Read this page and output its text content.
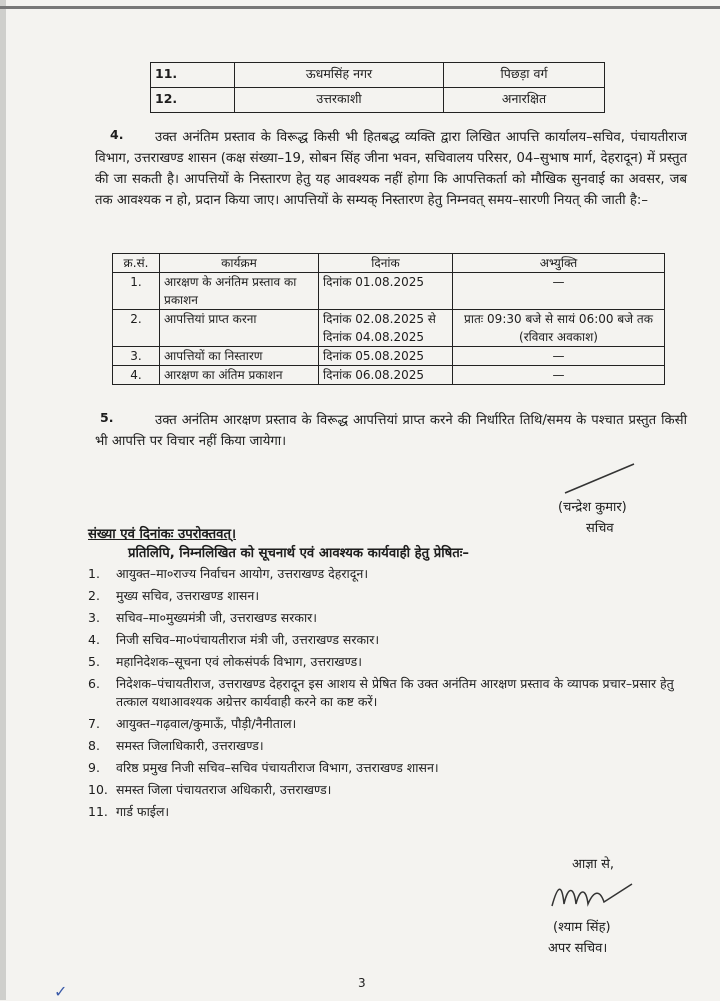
11.	ऊधमसिंह नगर	पिछड़ा वर्ग
12.	उत्तरकाशी	अनारक्षित
4.	उक्त अनंतिम प्रस्ताव के विरूद्ध किसी भी हितबद्ध व्यक्ति द्वारा लिखित आपत्ति कार्यालय–सचिव, पंचायतीराज विभाग, उत्तराखण्ड शासन (कक्ष संख्या–19, सोबन सिंह जीना भवन, सचिवालय परिसर, 04–सुभाष मार्ग, देहरादून) में प्रस्तुत की जा सकती है। आपत्तियों के निस्तारण हेतु यह आवश्यक नहीं होगा कि आपत्तिकर्ता को मौखिक सुनवाई का अवसर, जब तक आवश्यक न हो, प्रदान किया जाए। आपत्तियों के सम्यक् निस्तारण हेतु निम्नवत् समय–सारणी नियत् की जाती है:–
क्र.सं.	कार्यक्रम	दिनांक	अभ्युक्ति
1.	आरक्षण के अनंतिम प्रस्ताव का प्रकाशन	दिनांक 01.08.2025	—
2.	आपत्तियां प्राप्त करना	दिनांक 02.08.2025 से दिनांक 04.08.2025	प्रातः 09:30 बजे से सायं 06:00 बजे तक (रविवार अवकाश)
3.	आपत्तियों का निस्तारण	दिनांक 05.08.2025	—
4.	आरक्षण का अंतिम प्रकाशन	दिनांक 06.08.2025	—
5.	उक्त अनंतिम आरक्षण प्रस्ताव के विरूद्ध आपत्तियां प्राप्त करने की निर्धारित तिथि/समय के पश्चात प्रस्तुत किसी भी आपत्ति पर विचार नहीं किया जायेगा।
(चन्द्रेश कुमार)
सचिव
संख्या एवं दिनांकः उपरोक्तवत्।
प्रतिलिपि, निम्नलिखित को सूचनार्थ एवं आवश्यक कार्यवाही हेतु प्रेषितः–
1.	आयुक्त–मा०राज्य निर्वाचन आयोग, उत्तराखण्ड देहरादून।
2.	मुख्य सचिव, उत्तराखण्ड शासन।
3.	सचिव–मा०मुख्यमंत्री जी, उत्तराखण्ड सरकार।
4.	निजी सचिव–मा०पंचायतीराज मंत्री जी, उत्तराखण्ड सरकार।
5.	महानिदेशक–सूचना एवं लोकसंपर्क विभाग, उत्तराखण्ड।
6.	निदेशक–पंचायतीराज, उत्तराखण्ड देहरादून इस आशय से प्रेषित कि उक्त अनंतिम आरक्षण प्रस्ताव के व्यापक प्रचार–प्रसार हेतु तत्काल यथाआवश्यक अग्रेत्तर कार्यवाही करने का कष्ट करें।
7.	आयुक्त–गढ़वाल/कुमाऊँ, पौड़ी/नैनीताल।
8.	समस्त जिलाधिकारी, उत्तराखण्ड।
9.	वरिष्ठ प्रमुख निजी सचिव–सचिव पंचायतीराज विभाग, उत्तराखण्ड शासन।
10. समस्त जिला पंचायतराज अधिकारी, उत्तराखण्ड।
11. गार्ड फाईल।
आज्ञा से,
(श्याम सिंह)
अपर सचिव।
3
✓
